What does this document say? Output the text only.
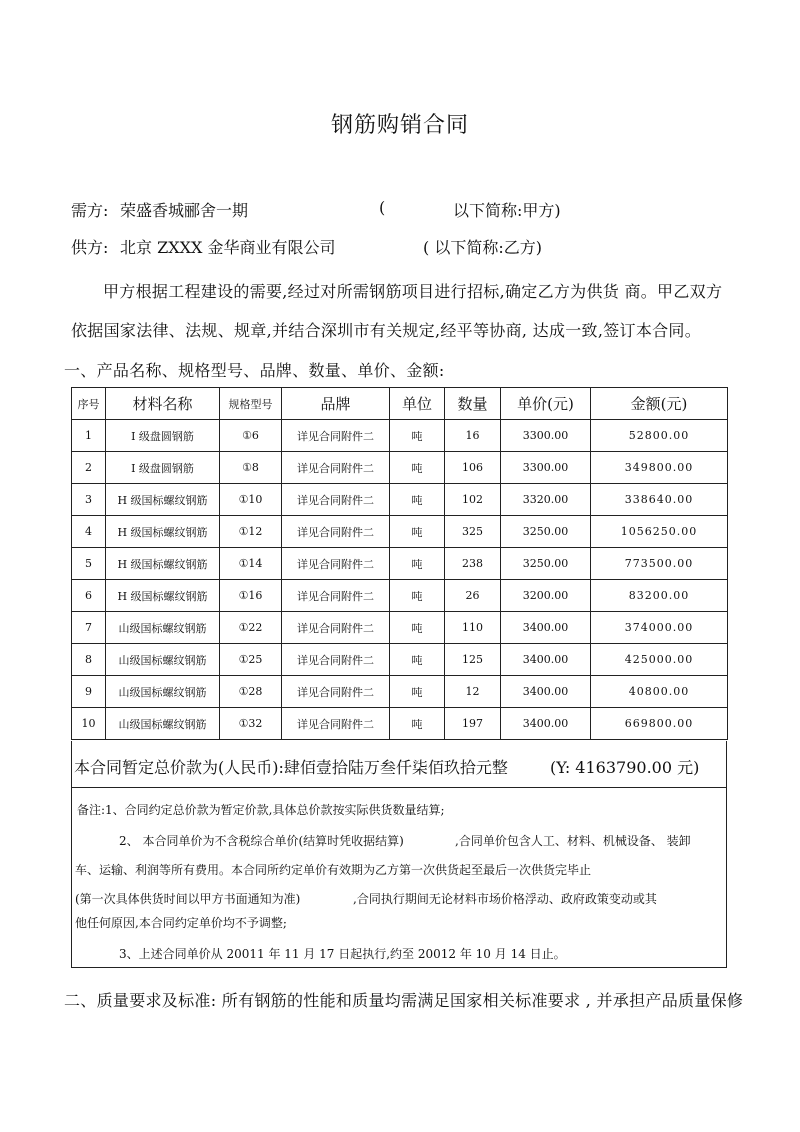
钢筋购销合同
需方: 荣盛香城郦舍一期	(	以下简称:甲方)
供方: 北京 ZXXX 金华商业有限公司	( 以下简称:乙方)
甲方根据工程建设的需要,经过对所需钢筋项目进行招标,确定乙方为供货 商。甲乙双方
依据国家法律、法规、规章,并结合深圳市有关规定,经平等协商, 达成一致,签订本合同。
一、产品名称、规格型号、品牌、数量、单价、金额:
序号	材料名称	规格型号	品牌	单位	数量	单价(元)	金额(元)
1	I 级盘圆钢筋	①6	详见合同附件二	吨	16	3300.00	52800.00
2	I 级盘圆钢筋	①8	详见合同附件二	吨	106	3300.00	349800.00
3	H 级国标螺纹钢筋	①10	详见合同附件二	吨	102	3320.00	338640.00
4	H 级国标螺纹钢筋	①12	详见合同附件二	吨	325	3250.00	1056250.00
5	H 级国标螺纹钢筋	①14	详见合同附件二	吨	238	3250.00	773500.00
6	H 级国标螺纹钢筋	①16	详见合同附件二	吨	26	3200.00	83200.00
7	山级国标螺纹钢筋	①22	详见合同附件二	吨	110	3400.00	374000.00
8	山级国标螺纹钢筋	①25	详见合同附件二	吨	125	3400.00	425000.00
9	山级国标螺纹钢筋	①28	详见合同附件二	吨	12	3400.00	40800.00
10	山级国标螺纹钢筋	①32	详见合同附件二	吨	197	3400.00	669800.00
本合同暂定总价款为(人民币):肆佰壹拾陆万叁仟柒佰玖拾元整	(Y: 4163790.00 元)
备注:1、合同约定总价款为暂定价款,具体总价款按实际供货数量结算;
2、 本合同单价为不含税综合单价(结算时凭收据结算)	,合同单价包含人工、材料、机械设备、 装卸
车、运输、利润等所有费用。本合同所约定单价有效期为乙方第一次供货起至最后一次供货完毕止
(第一次具体供货时间以甲方书面通知为准)	,合同执行期间无论材料市场价格浮动、政府政策变动或其
他任何原因,本合同约定单价均不予调整;
3、上述合同单价从 20011 年 11 月 17 日起执行,约至 20012 年 10 月 14 日止。
二、质量要求及标准: 所有钢筋的性能和质量均需满足国家相关标准要求 , 并承担产品质量保修
